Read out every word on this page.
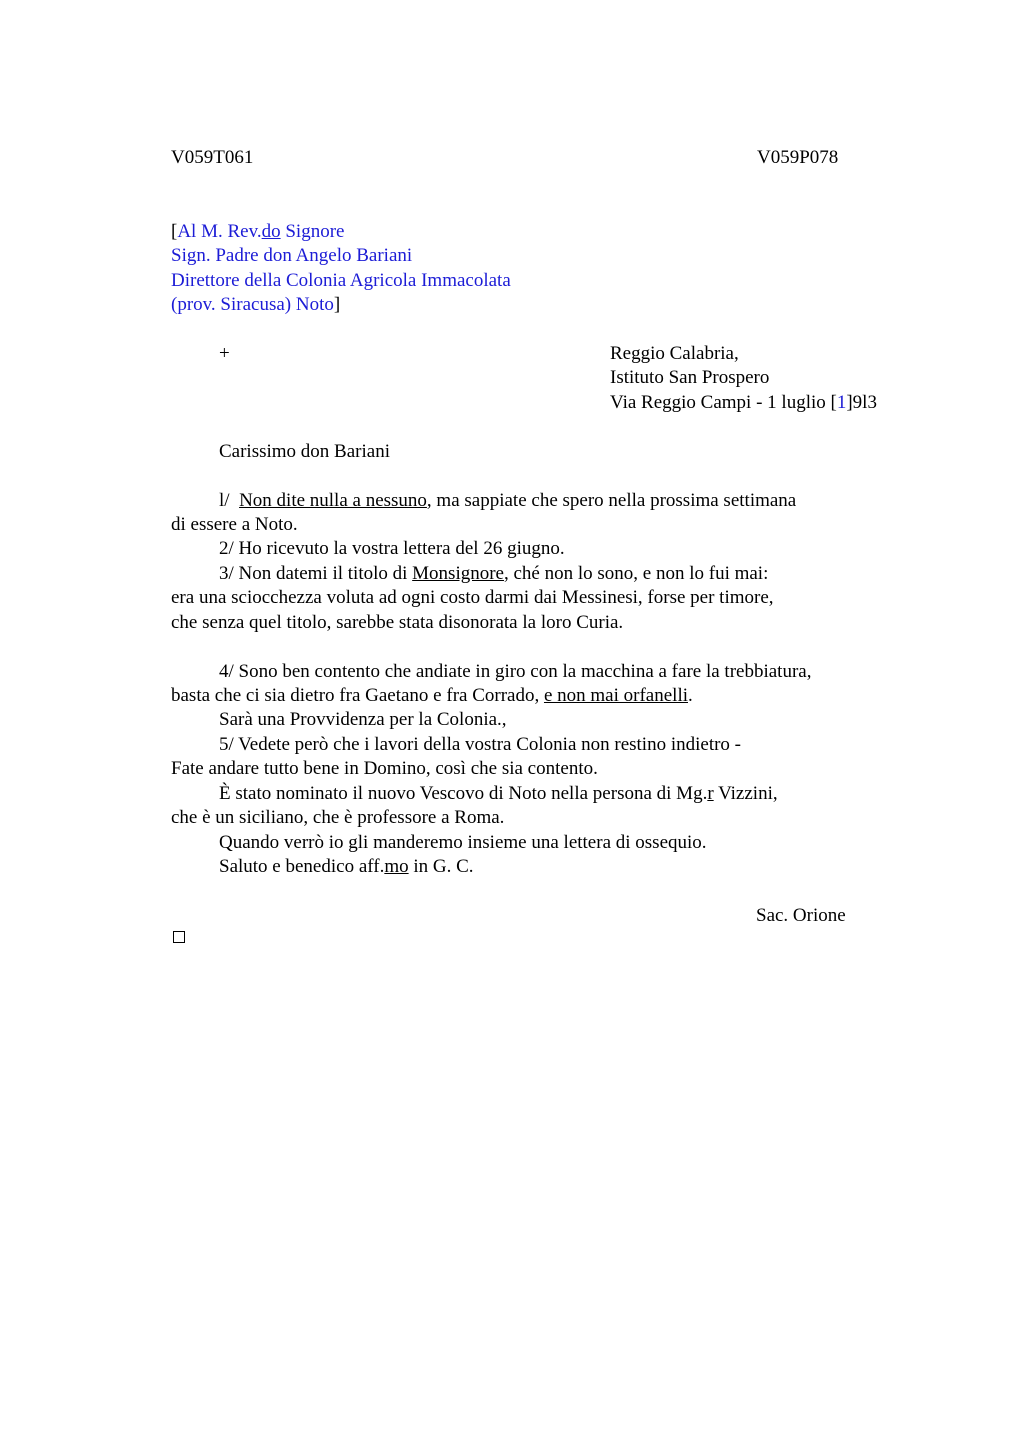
V059T061	V059P078
[Al M. Rev.do Signore
Sign. Padre don Angelo Bariani
Direttore della Colonia Agricola Immacolata
(prov. Siracusa) Noto]
+	Reggio Calabria,
Istituto San Prospero
Via Reggio Campi - 1 luglio [1]9l3
Carissimo don Bariani
l/  Non dite nulla a nessuno, ma sappiate che spero nella prossima settimana
di essere a Noto.
2/ Ho ricevuto la vostra lettera del 26 giugno.
3/ Non datemi il titolo di Monsignore, ché non lo sono, e non lo fui mai:
era una sciocchezza voluta ad ogni costo darmi dai Messinesi, forse per timore,
che senza quel titolo, sarebbe stata disonorata la loro Curia.
4/ Sono ben contento che andiate in giro con la macchina a fare la trebbiatura,
basta che ci sia dietro fra Gaetano e fra Corrado, e non mai orfanelli.
Sarà una Provvidenza per la Colonia.,
5/ Vedete però che i lavori della vostra Colonia non restino indietro -
Fate andare tutto bene in Domino, così che sia contento.
È stato nominato il nuovo Vescovo di Noto nella persona di Mg.r Vizzini,
che è un siciliano, che è professore a Roma.
Quando verrò io gli manderemo insieme una lettera di ossequio.
Saluto e benedico aff.mo in G. C.
Sac. Orione
